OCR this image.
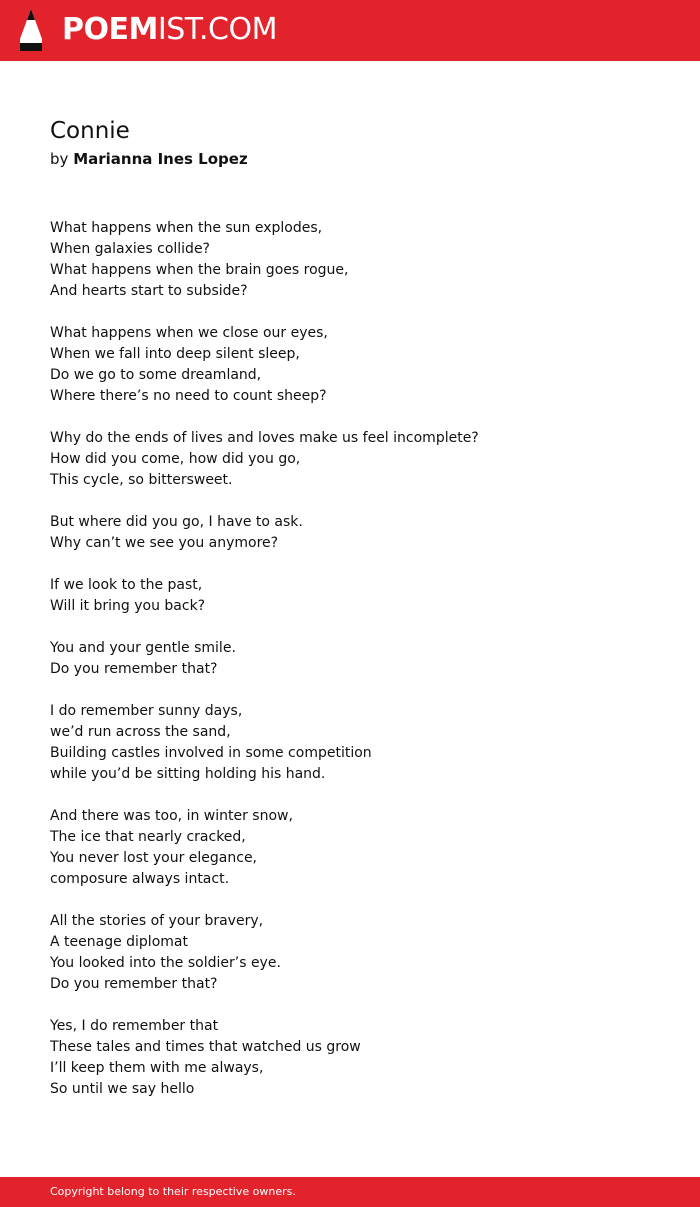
POEMIST.COM
Connie
by Marianna Ines Lopez
What happens when the sun explodes,
When galaxies collide?
What happens when the brain goes rogue,
And hearts start to subside?
What happens when we close our eyes,
When we fall into deep silent sleep,
Do we go to some dreamland,
Where there’s no need to count sheep?
Why do the ends of lives and loves make us feel incomplete?
How did you come, how did you go,
This cycle, so bittersweet.
But where did you go, I have to ask.
Why can’t we see you anymore?
If we look to the past,
Will it bring you back?
You and your gentle smile.
Do you remember that?
I do remember sunny days,
we’d run across the sand,
Building castles involved in some competition
while you’d be sitting holding his hand.
And there was too, in winter snow,
The ice that nearly cracked,
You never lost your elegance,
composure always intact.
All the stories of your bravery,
A teenage diplomat
You looked into the soldier’s eye.
Do you remember that?
Yes, I do remember that
These tales and times that watched us grow
I’ll keep them with me always,
So until we say hello
Copyright belong to their respective owners.
